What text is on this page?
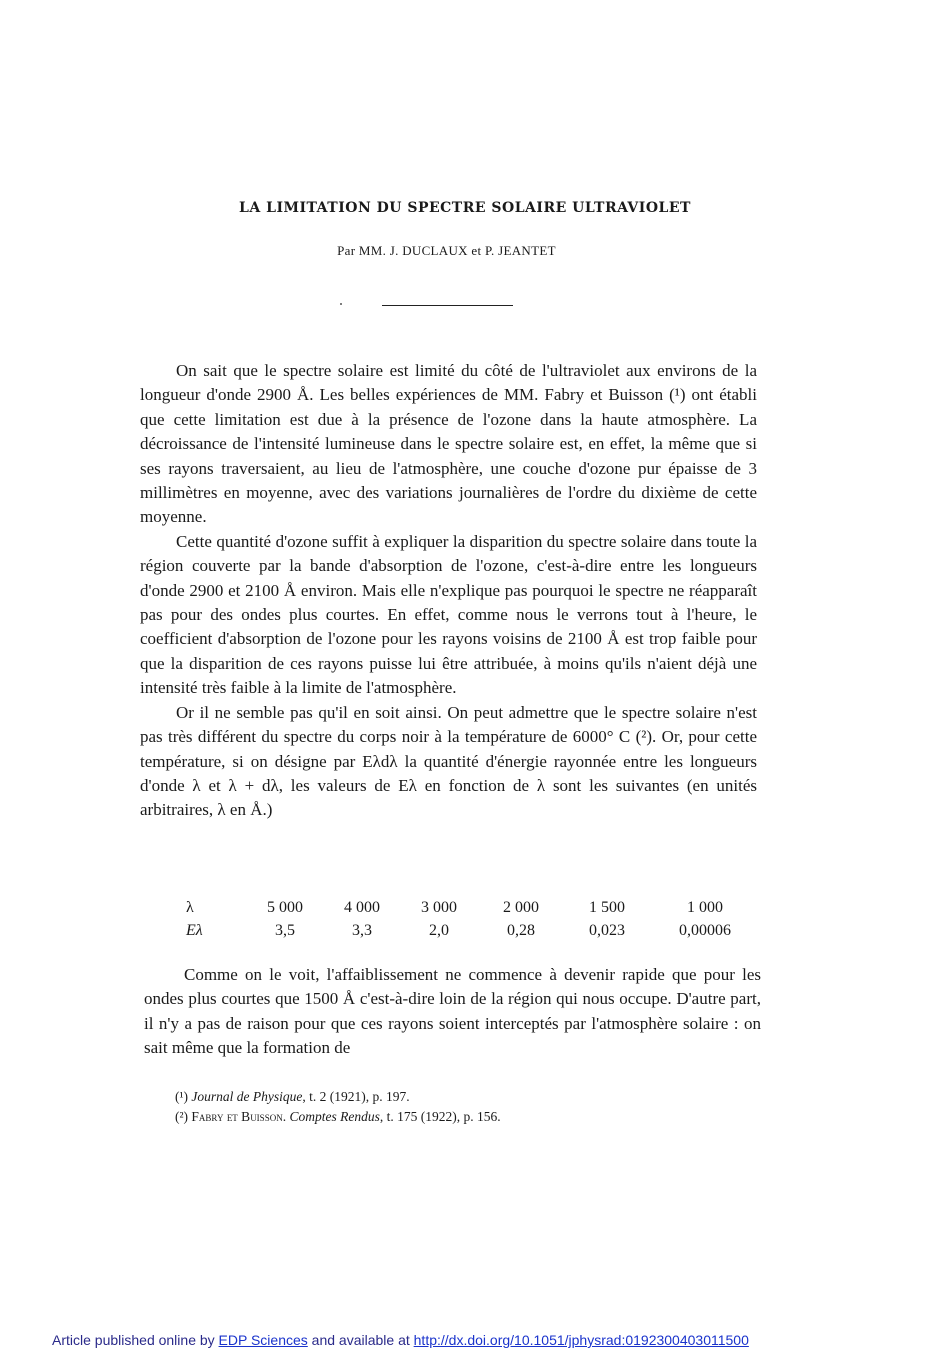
LA LIMITATION DU SPECTRE SOLAIRE ULTRAVIOLET
Par MM. J. DUCLAUX et P. JEANTET

On sait que le spectre solaire est limité du côté de l'ultraviolet aux environs de la longueur d'onde 2900 Å. Les belles expériences de MM. Fabry et Buisson (¹) ont établi que cette limitation est due à la présence de l'ozone dans la haute atmosphère. La décroissance de l'intensité lumineuse dans le spectre solaire est, en effet, la même que si ses rayons traversaient, au lieu de l'atmosphère, une couche d'ozone pur épaisse de 3 millimètres en moyenne, avec des variations journalières de l'ordre du dixième de cette moyenne.

Cette quantité d'ozone suffit à expliquer la disparition du spectre solaire dans toute la région couverte par la bande d'absorption de l'ozone, c'est-à-dire entre les longueurs d'onde 2900 et 2100 Å environ. Mais elle n'explique pas pourquoi le spectre ne réapparaît pas pour des ondes plus courtes. En effet, comme nous le verrons tout à l'heure, le coefficient d'absorption de l'ozone pour les rayons voisins de 2100 Å est trop faible pour que la disparition de ces rayons puisse lui être attribuée, à moins qu'ils n'aient déjà une intensité très faible à la limite de l'atmosphère.

Or il ne semble pas qu'il en soit ainsi. On peut admettre que le spectre solaire n'est pas très différent du spectre du corps noir à la température de 6000° C (²). Or, pour cette température, si on désigne par Eλdλ la quantité d'énergie rayonnée entre les longueurs d'onde λ et λ + dλ, les valeurs de Eλ en fonction de λ sont les suivantes (en unités arbitraires, λ en Å.)

λ	5 000	4 000	3 000	2 000	1 500	1 000
Eλ	3,5	3,3	2,0	0,28	0,023	0,00006

Comme on le voit, l'affaiblissement ne commence à devenir rapide que pour les ondes plus courtes que 1500 Å c'est-à-dire loin de la région qui nous occupe. D'autre part, il n'y a pas de raison pour que ces rayons soient interceptés par l'atmosphère solaire : on sait même que la formation de

(¹) Journal de Physique, t. 2 (1921), p. 197.
(²) Fabry et Buisson. Comptes Rendus, t. 175 (1922), p. 156.
Article published online by EDP Sciences and available at http://dx.doi.org/10.1051/jphysrad:0192300403011500
